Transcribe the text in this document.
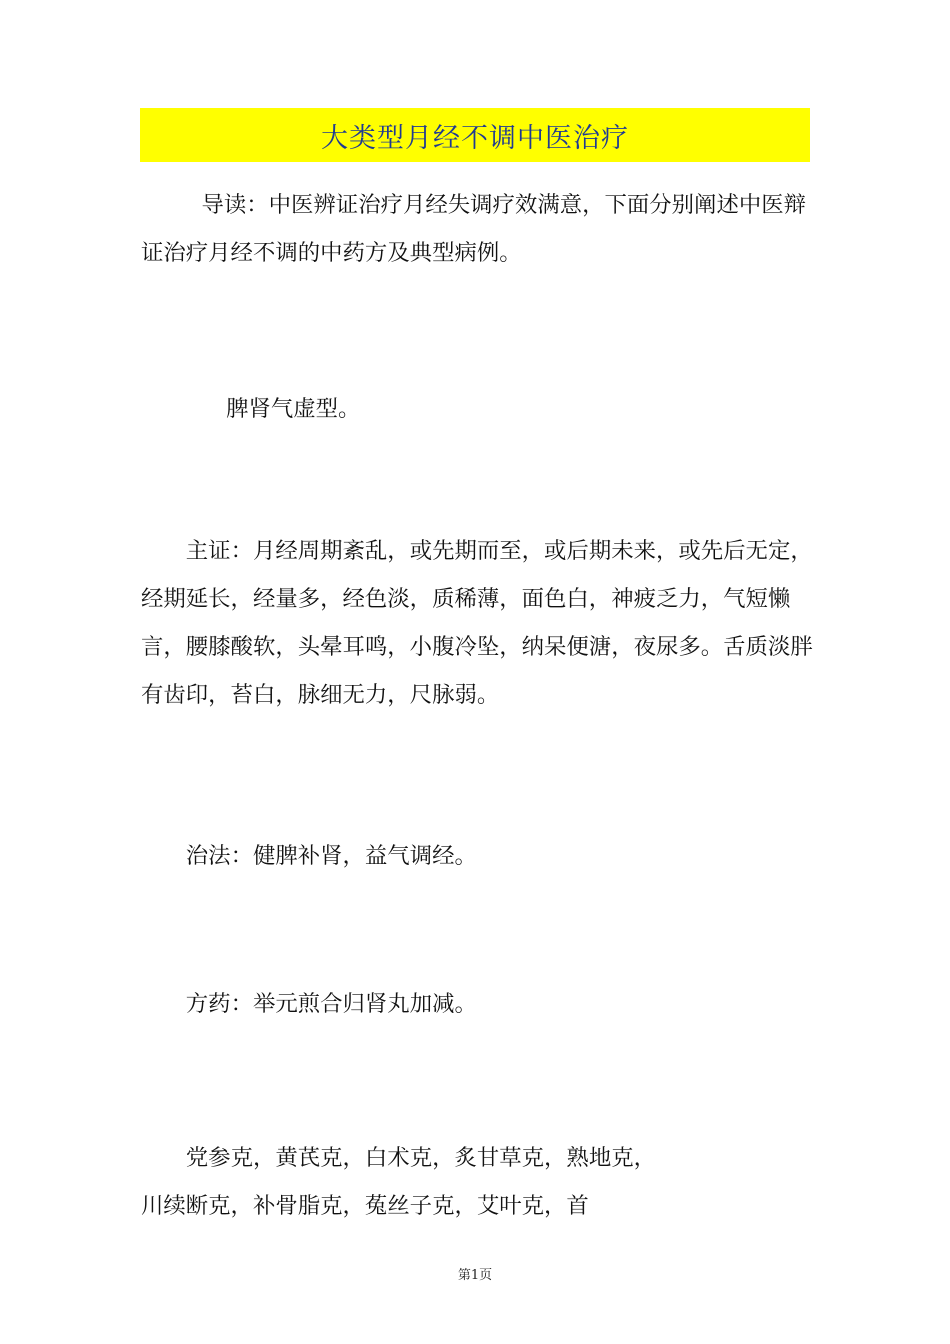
大类型月经不调中医治疗

导读：中医辨证治疗月经失调疗效满意，下面分别阐述中医辩证治疗月经不调的中药方及典型病例。

脾肾气虚型。

主证：月经周期紊乱，或先期而至，或后期未来，或先后无定，经期延长，经量多，经色淡，质稀薄，面色白，神疲乏力，气短懒言，腰膝酸软，头晕耳鸣，小腹冷坠，纳呆便溏，夜尿多。舌质淡胖有齿印，苔白，脉细无力，尺脉弱。

治法：健脾补肾，益气调经。

方药：举元煎合归肾丸加减。

党参克，黄芪克，白术克，炙甘草克，熟地克，川续断克，补骨脂克，菟丝子克，艾叶克，首

第1页
